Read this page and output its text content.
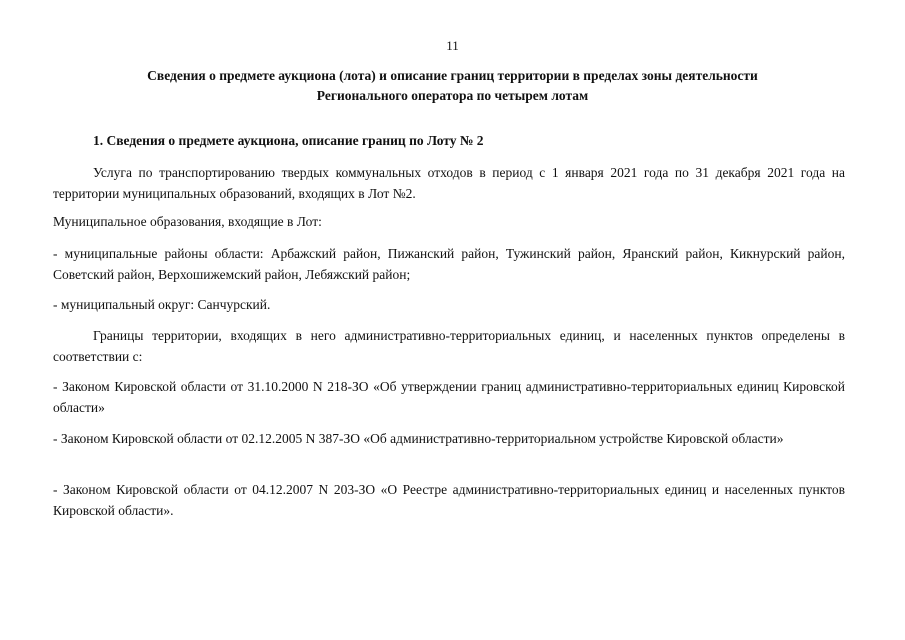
11
Сведения о предмете аукциона (лота) и описание границ территории в пределах зоны деятельности
Регионального оператора по четырем лотам
1. Сведения о предмете аукциона, описание границ по Лоту № 2

Услуга по транспортированию твердых коммунальных отходов в период с 1 января 2021 года по 31 декабря 2021 года на территории муниципальных образований, входящих в Лот №2.

Муниципальное образования, входящие в Лот:

- муниципальные районы области: Арбажский район, Пижанский район, Тужинский район, Яранский район, Кикнурский район, Советский район, Верхошижемский район, Лебяжский район;

- муниципальный округ: Санчурский.

Границы территории, входящих в него административно-территориальных единиц, и населенных пунктов определены в соответствии с:

- Законом Кировской области от 31.10.2000 N 218-ЗО «Об утверждении границ административно-территориальных единиц Кировской области»

- Законом Кировской области от 02.12.2005 N 387-ЗО «Об административно-территориальном устройстве Кировской области»

- Законом Кировской области от 04.12.2007 N 203-ЗО «О Реестре административно-территориальных единиц и населенных пунктов Кировской области».
